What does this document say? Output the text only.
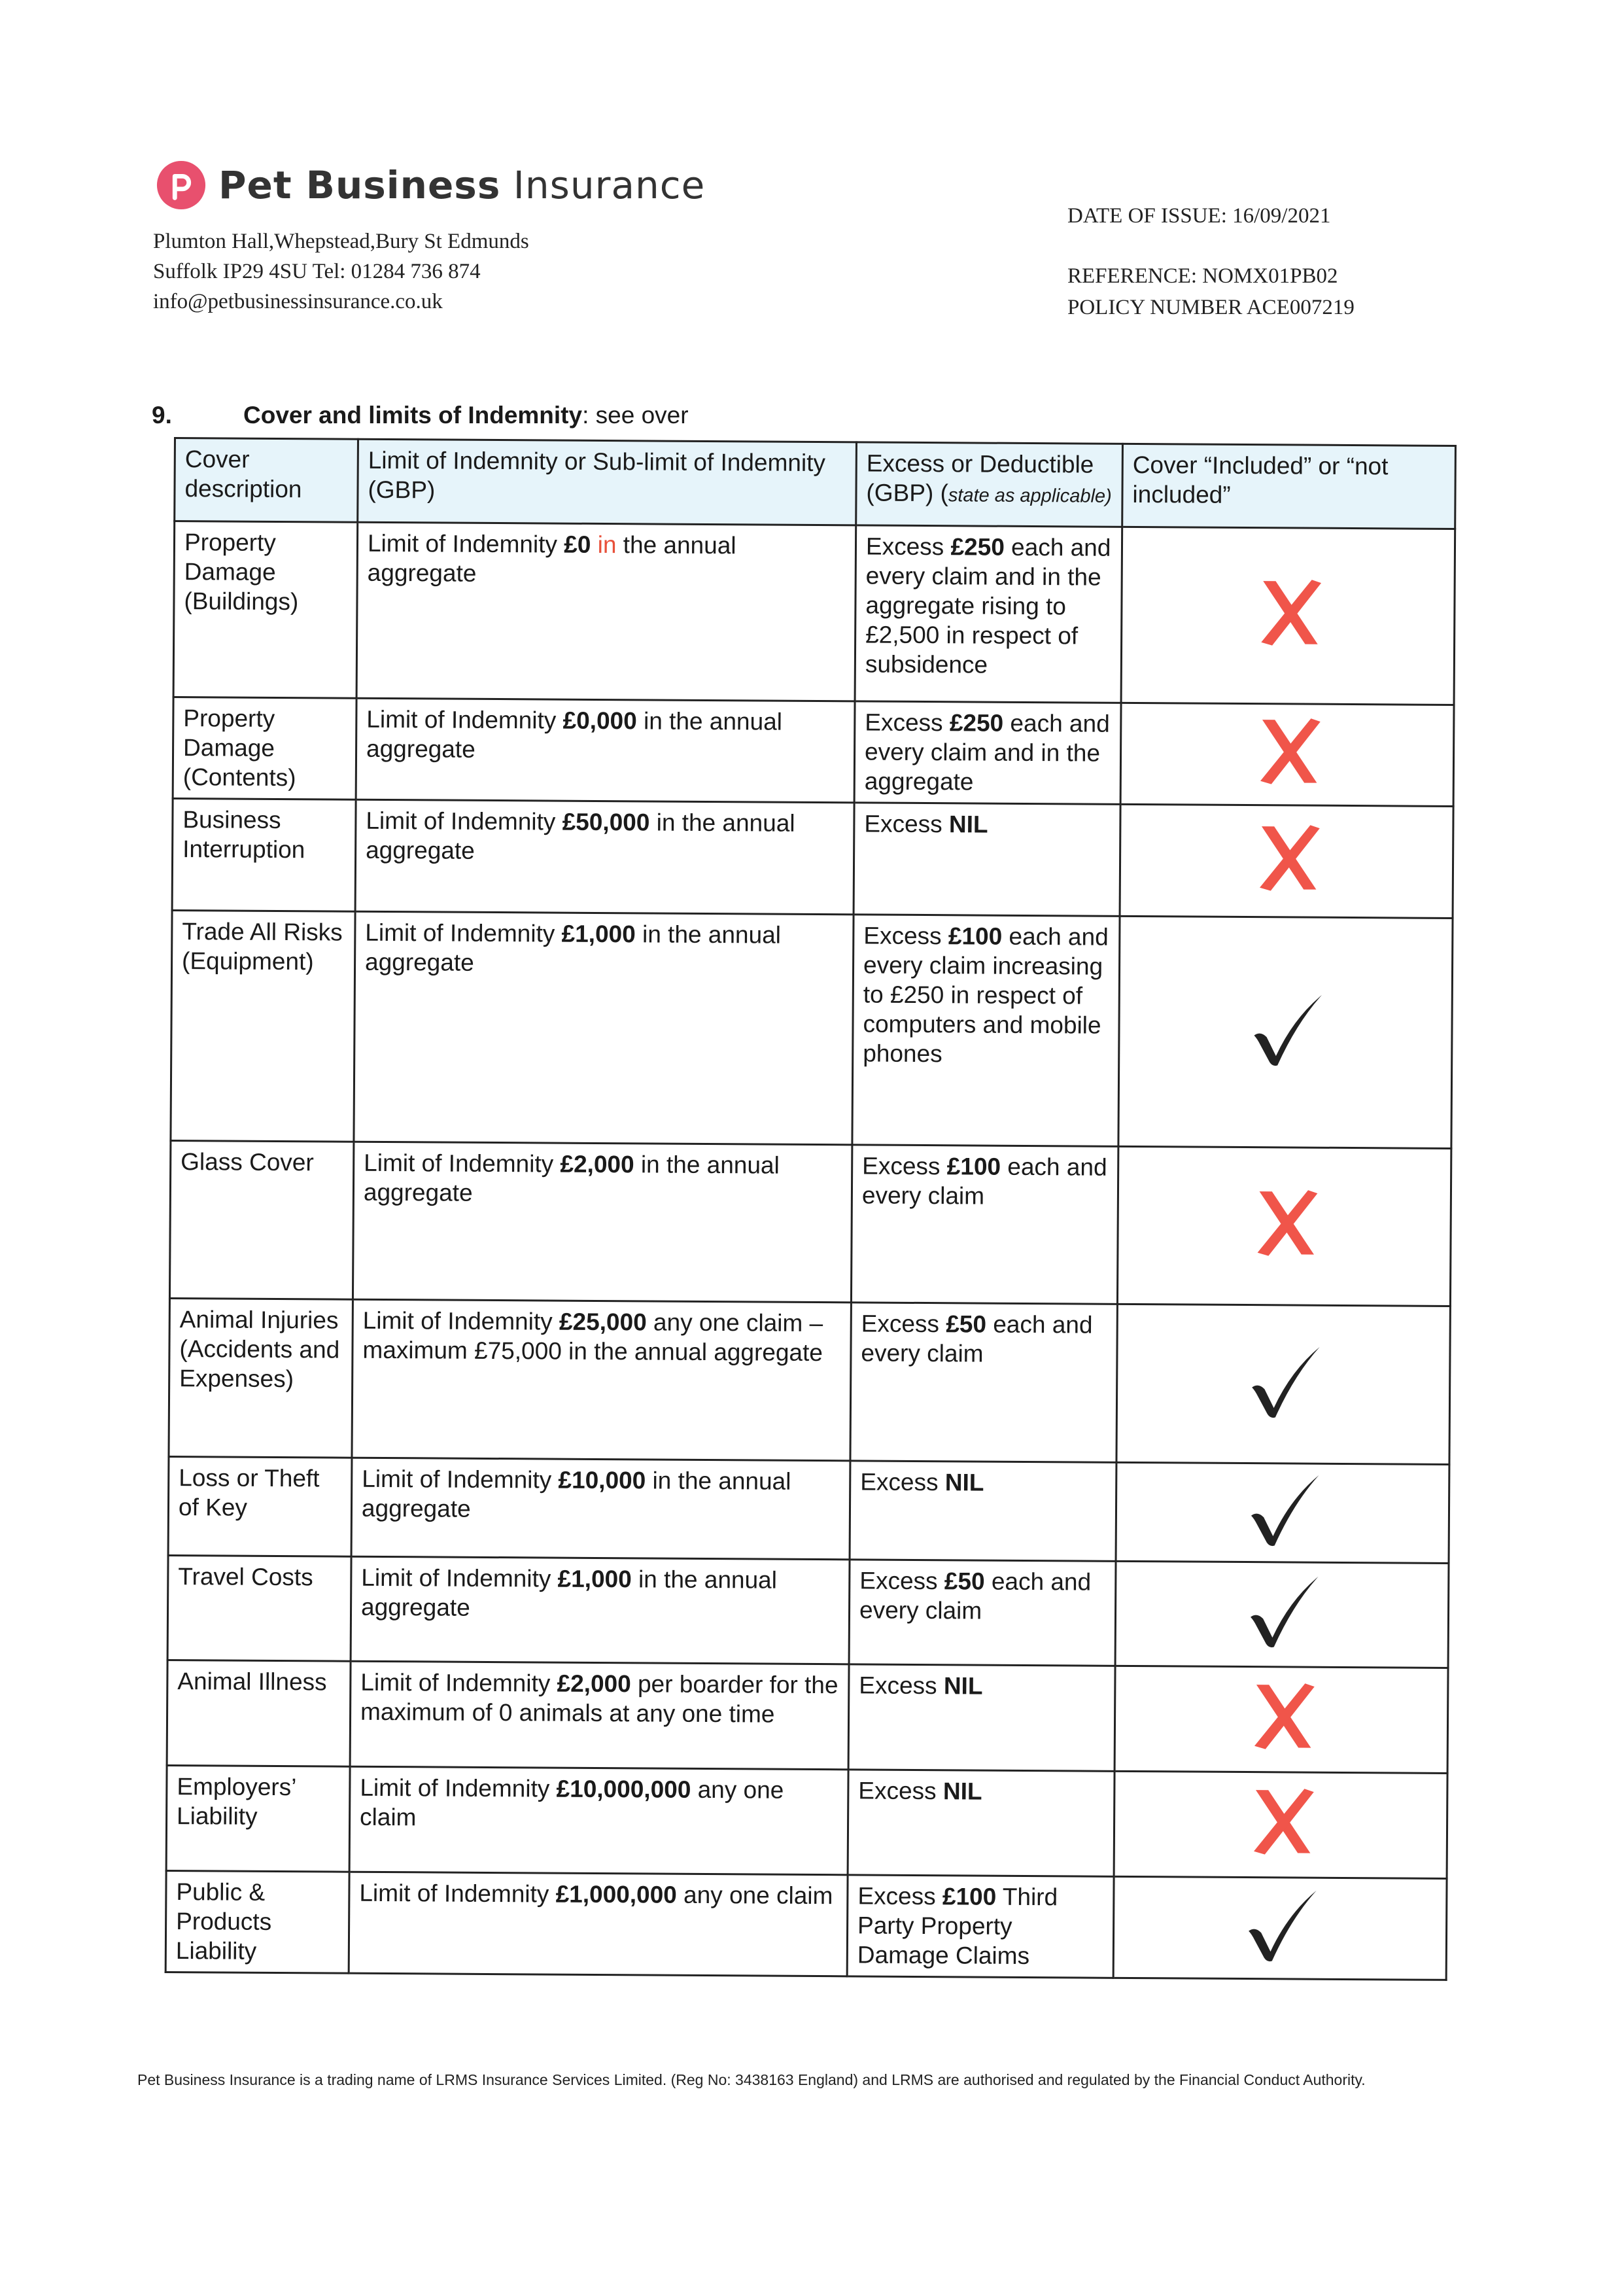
Pet Business Insurance
Plumton Hall,Whepstead,Bury St Edmunds
Suffolk IP29 4SU Tel: 01284 736 874
info@petbusinessinsurance.co.uk
DATE OF ISSUE: 16/09/2021
REFERENCE: NOMX01PB02
POLICY NUMBER ACE007219
9.	Cover and limits of Indemnity: see over
Cover description	Limit of Indemnity or Sub-limit of Indemnity (GBP)	Excess or Deductible (GBP) (state as applicable)	Cover “Included” or “not included”
Property Damage (Buildings)	Limit of Indemnity £0 in the annual aggregate	Excess £250 each and every claim and in the aggregate rising to £2,500 in respect of subsidence	
Property Damage (Contents)	Limit of Indemnity £0,000 in the annual aggregate	Excess £250 each and every claim and in the aggregate	
Business Interruption	Limit of Indemnity £50,000 in the annual aggregate	Excess NIL	
Trade All Risks (Equipment)	Limit of Indemnity £1,000 in the annual aggregate	Excess £100 each and every claim increasing to £250 in respect of computers and mobile phones	
Glass Cover	Limit of Indemnity £2,000 in the annual aggregate	Excess £100 each and every claim	
Animal Injuries (Accidents and Expenses)	Limit of Indemnity £25,000 any one claim – maximum £75,000 in the annual aggregate	Excess £50 each and every claim	
Loss or Theft of Key	Limit of Indemnity £10,000 in the annual aggregate	Excess NIL	
Travel Costs	Limit of Indemnity £1,000 in the annual aggregate	Excess £50 each and every claim	
Animal Illness	Limit of Indemnity £2,000 per boarder for the maximum of 0 animals at any one time	Excess NIL	
Employers’ Liability	Limit of Indemnity £10,000,000 any one claim	Excess NIL	
Public & Products Liability	Limit of Indemnity £1,000,000 any one claim	Excess £100 Third Party Property Damage Claims	
Pet Business Insurance is a trading name of LRMS Insurance Services Limited. (Reg No: 3438163 England) and LRMS are authorised and regulated by the Financial Conduct Authority.
